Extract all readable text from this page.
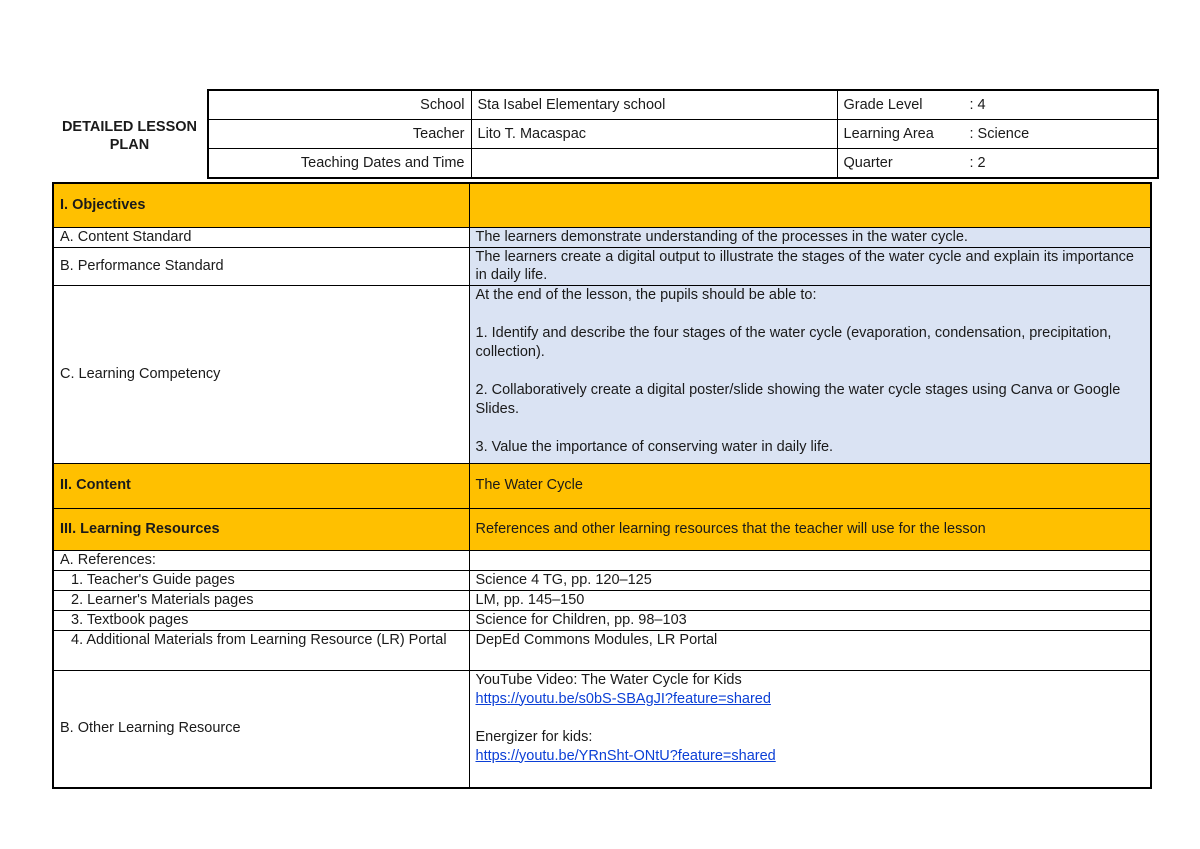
DETAILED LESSON PLAN
School	Sta Isabel Elementary school	Grade Level : 4
Teacher	Lito T. Macaspac	Learning Area : Science
Teaching Dates and Time		Quarter : 2
I. Objectives	
A. Content Standard	The learners demonstrate understanding of the processes in the water cycle.
B. Performance Standard	The learners create a digital output to illustrate the stages of the water cycle and explain its importance in daily life.
C. Learning Competency	At the end of the lesson, the pupils should be able to:
1. Identify and describe the four stages of the water cycle (evaporation, condensation, precipitation, collection).
2. Collaboratively create a digital poster/slide showing the water cycle stages using Canva or Google Slides.
3. Value the importance of conserving water in daily life.

II. Content	The Water Cycle
III. Learning Resources	References and other learning resources that the teacher will use for the lesson
A. References:	
1. Teacher's Guide pages	Science 4 TG, pp. 120–125
2. Learner's Materials pages	LM, pp. 145–150
3. Textbook pages	Science for Children, pp. 98–103
4. Additional Materials from Learning Resource (LR) Portal	DepEd Commons Modules, LR Portal
B. Other Learning Resource	YouTube Video: The Water Cycle for Kids
https://youtu.be/s0bS-SBAgJI?feature=shared
Energizer for kids:
https://youtu.be/YRnSht-ONtU?feature=shared
